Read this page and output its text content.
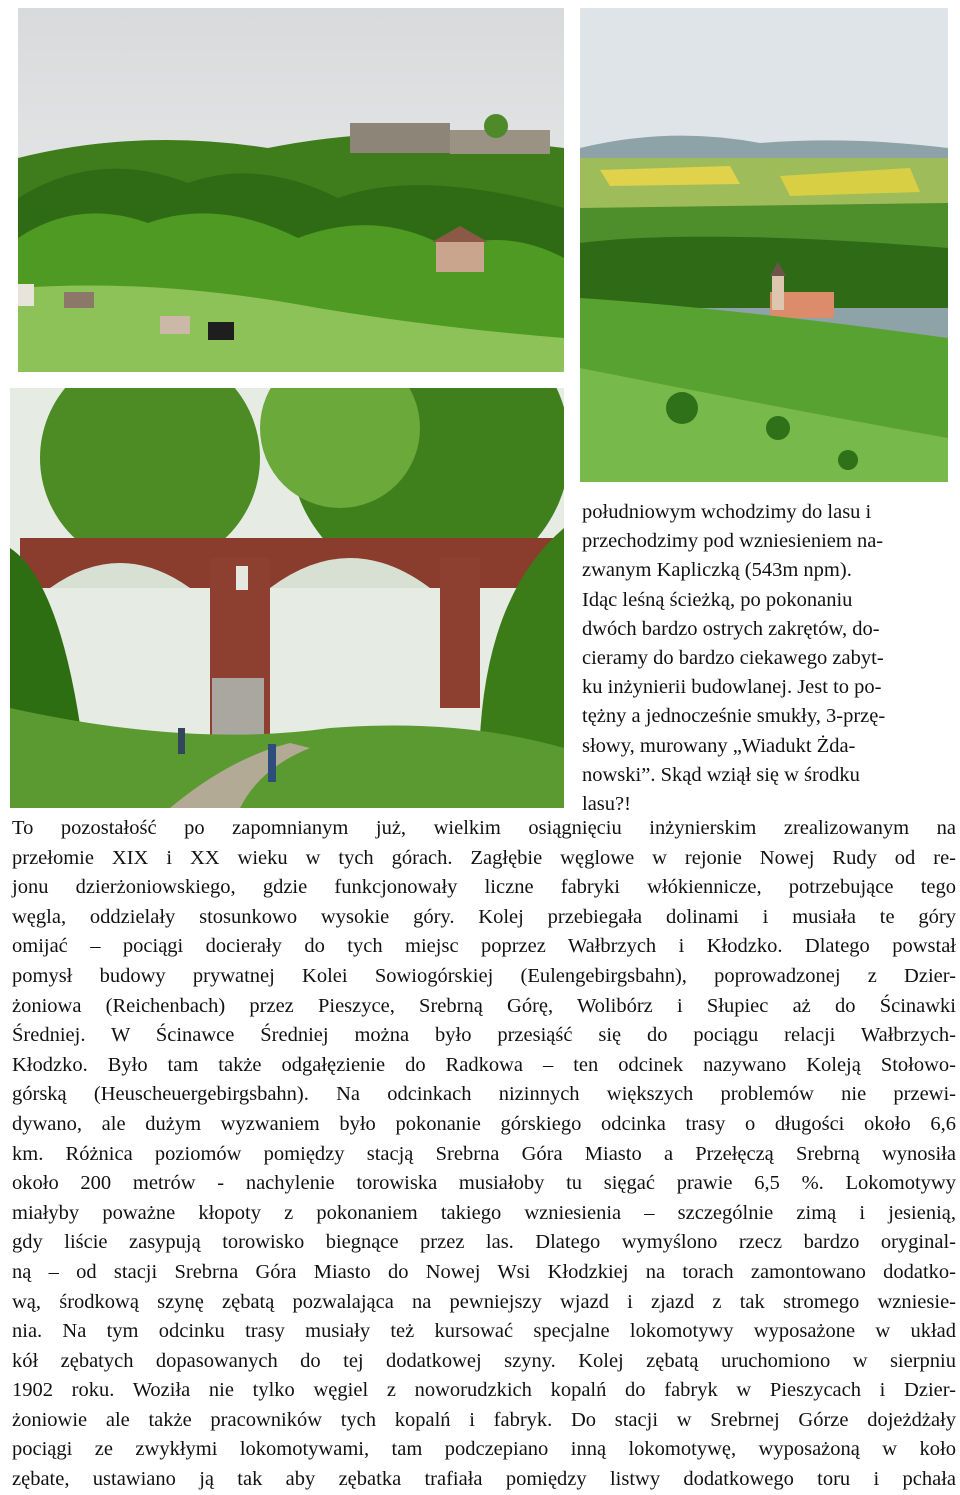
południowym wchodzimy do lasu i
przechodzimy pod wzniesieniem na-
zwanym Kapliczką (543m npm).
Idąc leśną ścieżką, po pokonaniu
dwóch bardzo ostrych zakrętów, do-
cieramy do bardzo ciekawego zabyt-
ku inżynierii budowlanej. Jest to po-
tężny a jednocześnie smukły, 3-przę-
słowy, murowany „Wiadukt Żda-
nowski”. Skąd wziął się w środku
lasu?!
To pozostałość po zapomnianym już, wielkim osiągnięciu inżynierskim zrealizowanym na
przełomie XIX i XX wieku w tych górach. Zagłębie węglowe w rejonie Nowej Rudy od re-
jonu dzierżoniowskiego, gdzie funkcjonowały liczne fabryki włókiennicze, potrzebujące tego
węgla, oddzielały stosunkowo wysokie góry. Kolej przebiegała dolinami i musiała te góry
omijać – pociągi docierały do tych miejsc poprzez Wałbrzych i Kłodzko. Dlatego powstał
pomysł budowy prywatnej Kolei Sowiogórskiej (Eulengebirgsbahn), poprowadzonej z Dzier-
żoniowa (Reichenbach) przez Pieszyce, Srebrną Górę, Wolibórz i Słupiec aż do Ścinawki
Średniej. W Ścinawce Średniej można było przesiąść się do pociągu relacji Wałbrzych-
Kłodzko. Było tam także odgałęzienie do Radkowa – ten odcinek nazywano Koleją Stołowo-
górską (Heuscheuergebirgsbahn). Na odcinkach nizinnych większych problemów nie przewi-
dywano, ale dużym wyzwaniem było pokonanie górskiego odcinka trasy o długości około 6,6
km. Różnica poziomów pomiędzy stacją Srebrna Góra Miasto a Przełęczą Srebrną wynosiła
około 200 metrów - nachylenie torowiska musiałoby tu sięgać prawie 6,5 %. Lokomotywy
miałyby poważne kłopoty z pokonaniem takiego wzniesienia – szczególnie zimą i jesienią,
gdy liście zasypują torowisko biegnące przez las. Dlatego wymyślono rzecz bardzo oryginal-
ną – od stacji Srebrna Góra Miasto do Nowej Wsi Kłodzkiej na torach zamontowano dodatko-
wą, środkową szynę zębatą pozwalająca na pewniejszy wjazd i zjazd z tak stromego wzniesie-
nia. Na tym odcinku trasy musiały też kursować specjalne lokomotywy wyposażone w układ
kół zębatych dopasowanych do tej dodatkowej szyny. Kolej zębatą uruchomiono w sierpniu
1902 roku. Woziła nie tylko węgiel z noworudzkich kopalń do fabryk w Pieszycach i Dzier-
żoniowie ale także pracowników tych kopalń i fabryk. Do stacji w Srebrnej Górze dojeżdżały
pociągi ze zwykłymi lokomotywami, tam podczepiano inną lokomotywę, wyposażoną w koło
zębate, ustawiano ją tak aby zębatka trafiała pomiędzy listwy dodatkowego toru i pchała
